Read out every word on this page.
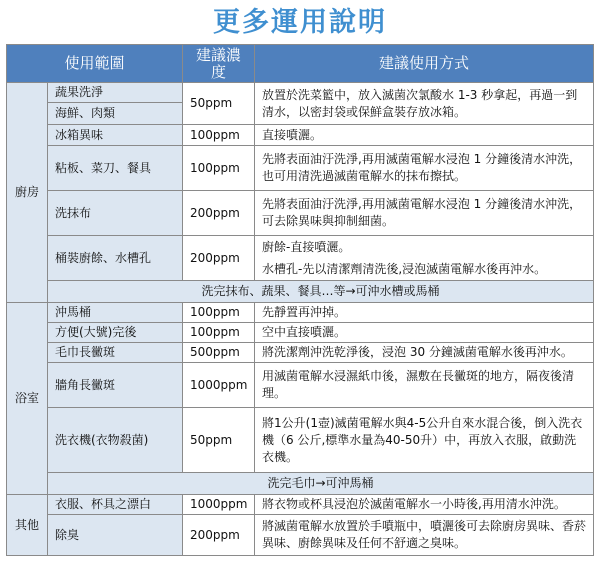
更多運用說明
使用範圍		建議濃度	建議使用方式
廚房	蔬果洗淨	50ppm	放置於洗菜籃中，放入滅菌次氯酸水 1-3 秒拿起，再過一到清水，以密封袋或保鮮盒裝存放冰箱。
	海鮮、肉類		
	冰箱異味	100ppm	直接噴灑。
	粘板、菜刀、餐具	100ppm	先將表面油汙洗淨,再用滅菌電解水浸泡 1 分鐘後清水沖洗，也可用清洗過滅菌電解水的抹布擦拭。
	洗抹布	200ppm	先將表面油汙洗淨,再用滅菌電解水浸泡 1 分鐘後清水沖洗，可去除異味與抑制細菌。
	桶裝廚餘、水槽孔	200ppm	廚餘-直接噴灑。
水槽孔-先以清潔劑清洗後,浸泡滅菌電解水後再沖水。

	洗完抹布、蔬果、餐具…等→可沖水槽或馬桶		
浴室	沖馬桶	100ppm	先靜置再沖掉。
	方便(大號)完後	100ppm	空中直接噴灑。
	毛巾長黴斑	500ppm	將洗潔劑沖洗乾淨後，浸泡 30 分鐘滅菌電解水後再沖水。
	牆角長黴斑	1000ppm	用滅菌電解水浸濕紙巾後，濕敷在長黴斑的地方，隔夜後清理。
	洗衣機(衣物殺菌)	50ppm	將1公升(1壺)滅菌電解水與4-5公升自來水混合後，倒入洗衣機（6 公斤,標準水量為40-50升）中，再放入衣服，啟動洗衣機。
	洗完毛巾→可沖馬桶		
其他	衣服、杯具之漂白	1000ppm	將衣物或杯具浸泡於滅菌電解水一小時後,再用清水沖洗。
	除臭	200ppm	將滅菌電解水放置於手噴瓶中，噴灑後可去除廚房異味、香菸異味、廚餘異味及任何不舒適之臭味。
